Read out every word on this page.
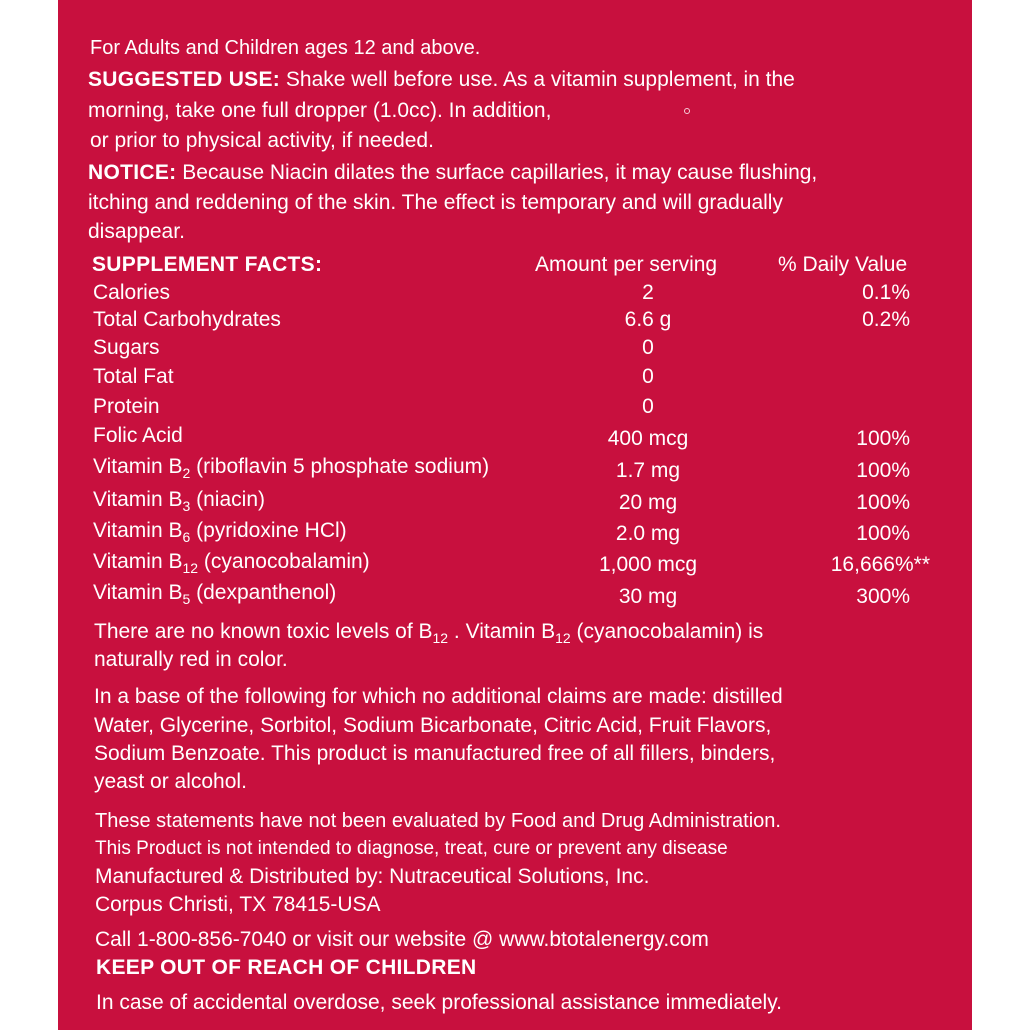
For Adults and Children ages 12 and above.
SUGGESTED USE: Shake well before use. As a vitamin supplement, in the
morning, take one full dropper (1.0cc). In addition,
or prior to physical activity, if needed.
NOTICE: Because Niacin dilates the surface capillaries, it may cause flushing,
itching and reddening of the skin. The effect is temporary and will gradually
disappear.
SUPPLEMENT FACTS:	Amount per serving	% Daily Value
Calories	2	0.1%
Total Carbohydrates	6.6 g	0.2%
Sugars	0
Total Fat	0
Protein	0
Folic Acid	400 mcg	100%
Vitamin $B_2$ (riboflavin 5 phosphate sodium)	1.7 mg	100%
Vitamin $B_3$ (niacin)	20 mg	100%
Vitamin $B_6$ (pyridoxine HCl)	2.0 mg	100%
Vitamin $B_{12}$ (cyanocobalamin)	1,000 mcg	16,666%**
Vitamin $B_5$ (dexpanthenol)	30 mg	300%
There are no known toxic levels of $B_{12}$ . Vitamin $B_{12}$ (cyanocobalamin) is
naturally red in color.
In a base of the following for which no additional claims are made: distilled
Water, Glycerine, Sorbitol, Sodium Bicarbonate, Citric Acid, Fruit Flavors,
Sodium Benzoate. This product is manufactured free of all fillers, binders,
yeast or alcohol.
These statements have not been evaluated by Food and Drug Administration.
This Product is not intended to diagnose, treat, cure or prevent any disease
Manufactured & Distributed by: Nutraceutical Solutions, Inc.
Corpus Christi, TX 78415-USA
Call 1-800-856-7040 or visit our website @ www.btotalenergy.com
KEEP OUT OF REACH OF CHILDREN
In case of accidental overdose, seek professional assistance immediately.
